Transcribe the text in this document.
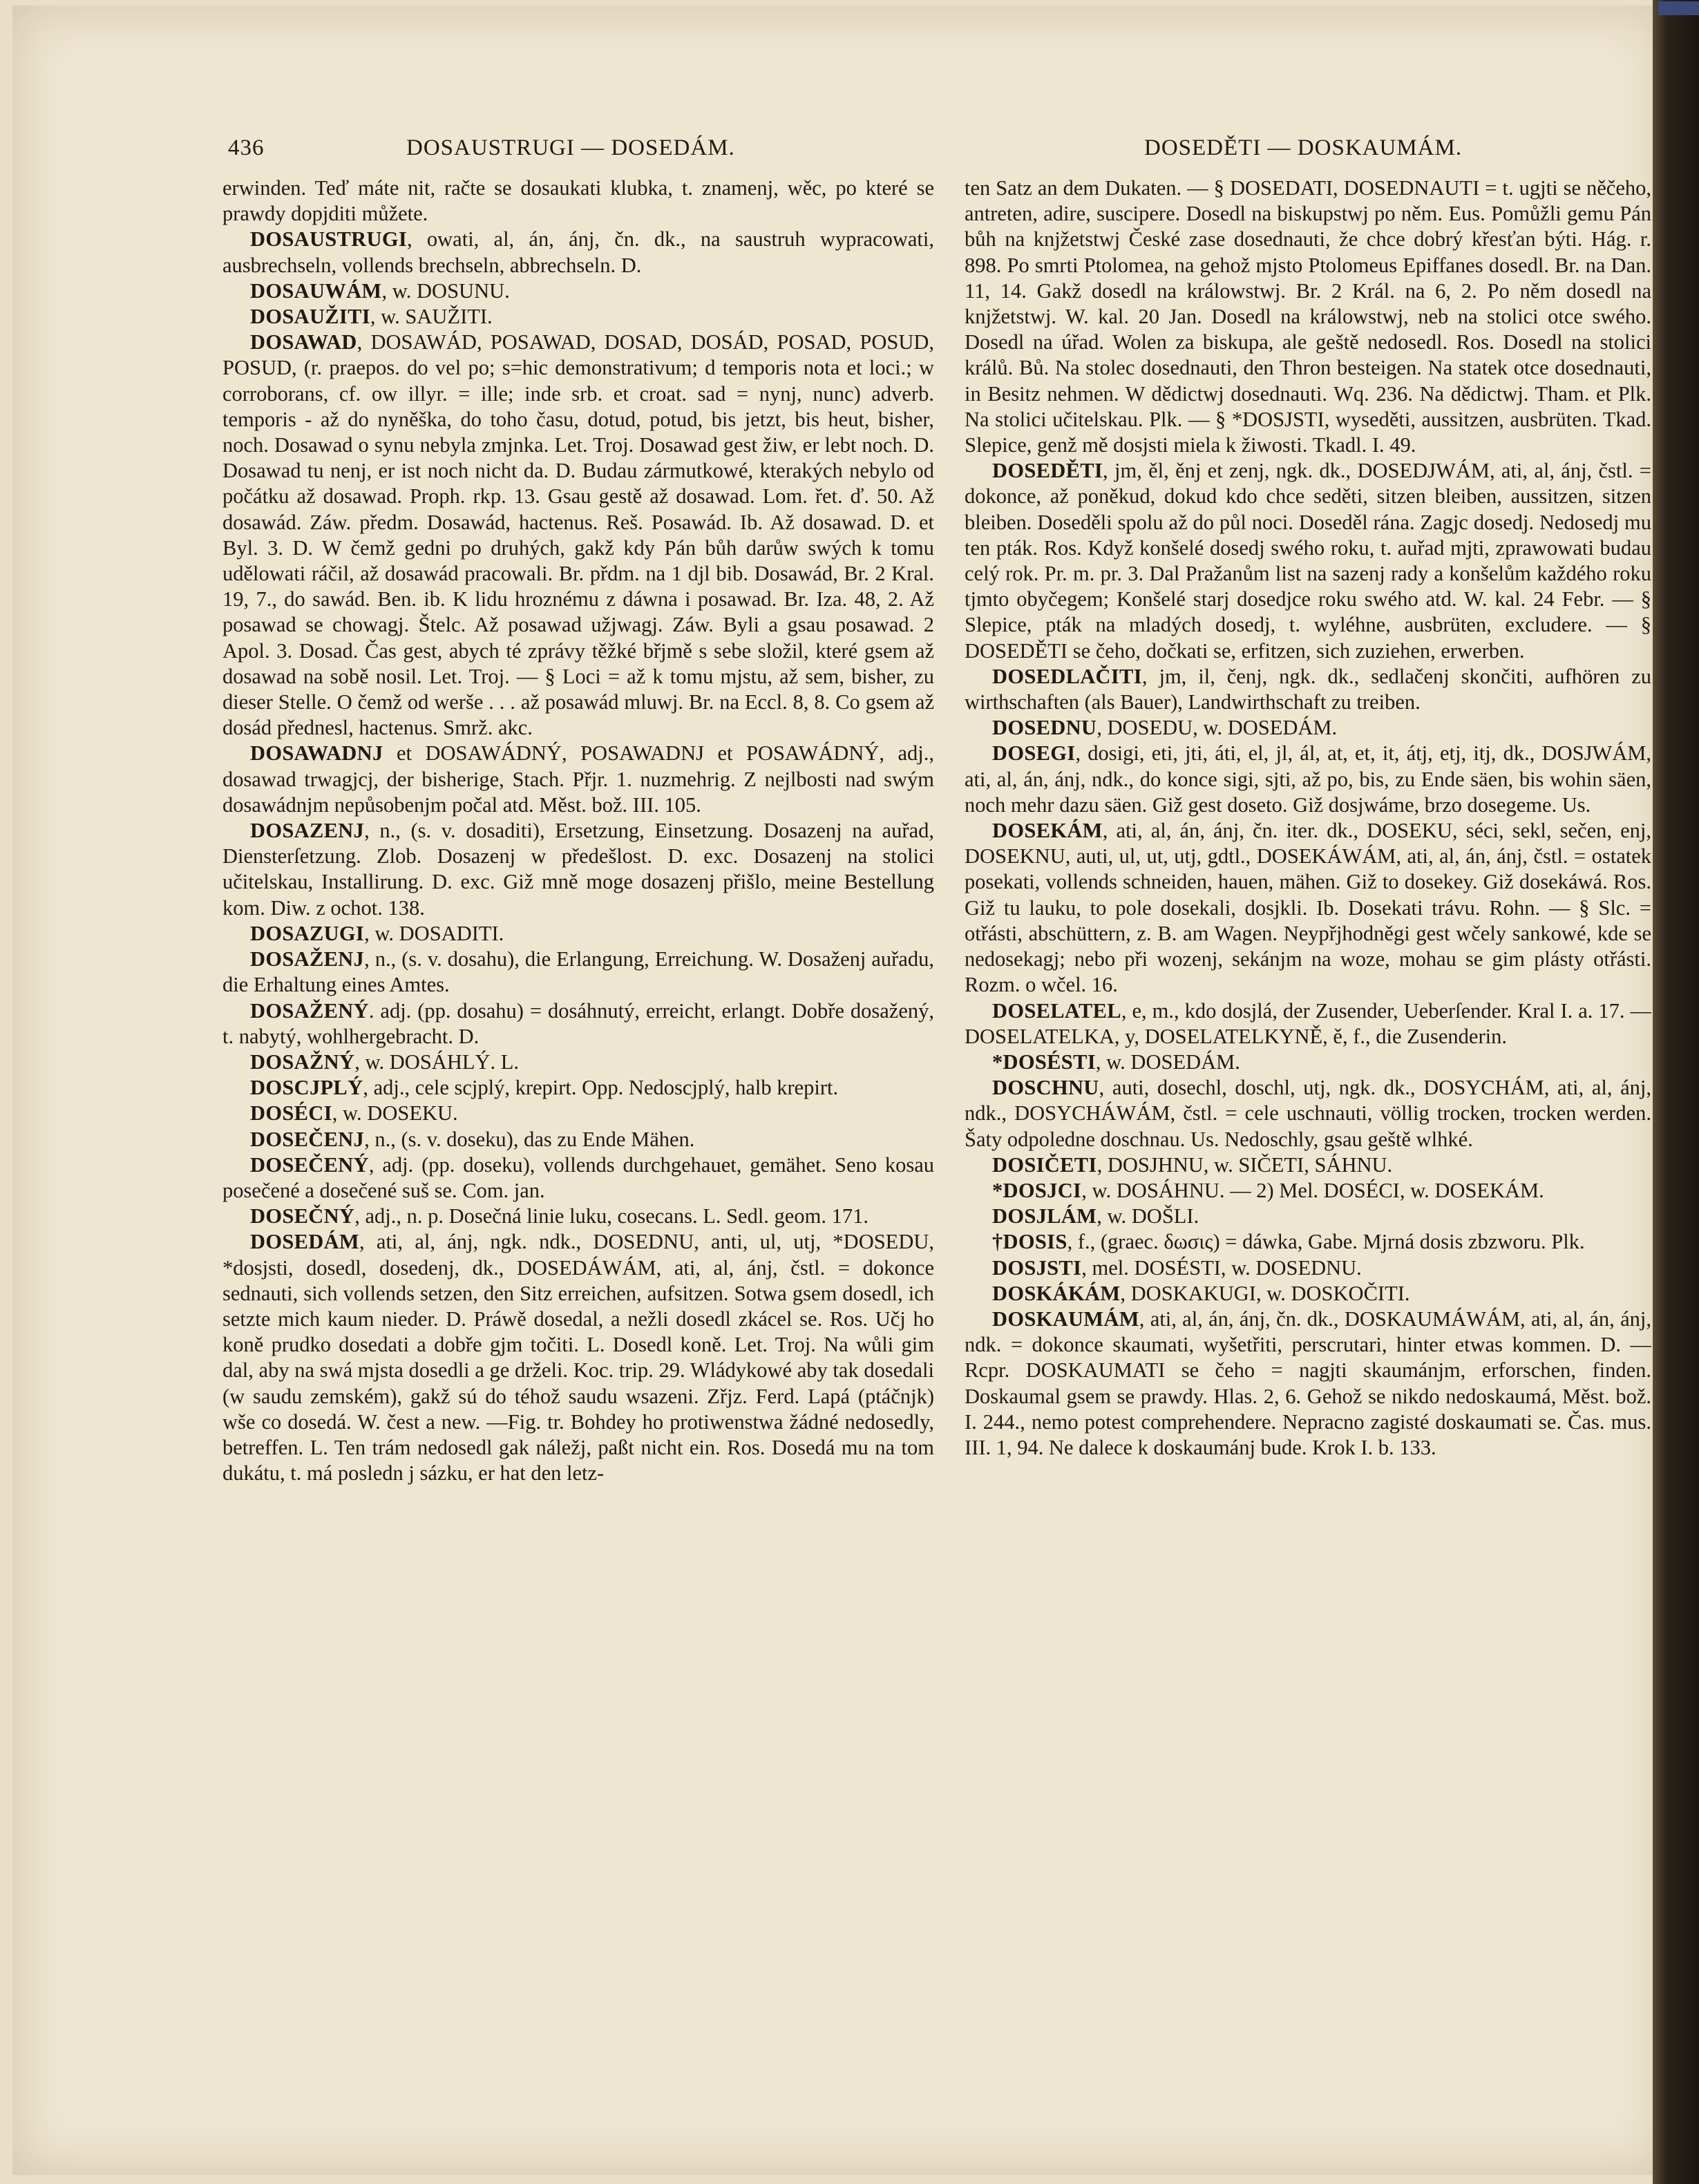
436	DOSAUSTRUGI — DOSEDÁM.	DOSEDĚTI — DOSKAUMÁM.

erwinden. Teď máte nit, račte se dosaukati klubka, t. znamenj, wěc, po které se prawdy dopjditi můžete.

DOSAUSTRUGI, owati, al, án, ánj, čn. dk., na saustruh wypracowati, ausbrechseln, vollends brechseln, abbrechseln. D.

DOSAUWÁM, w. DOSUNU.

DOSAUŽITI, w. SAUŽITI.

DOSAWAD, DOSAWÁD, POSAWAD, DOSAD, DOSÁD, POSAD, POSUD, POSUD, (r. praepos. do vel po; s=hic demonstrativum; d temporis nota et loci.; w corroborans, cf. ow illyr. = ille; inde srb. et croat. sad = nynj, nunc) adverb. temporis - až do nyněška, do toho času, dotud, potud, bis jetzt, bis heut, bisher, noch. Dosawad o synu nebyla zmjnka. Let. Troj. Dosawad gest žiw, er lebt noch. D. Dosawad tu nenj, er ist noch nicht da. D. Budau zármutkowé, kterakých nebylo od počátku až dosawad. Proph. rkp. 13. Gsau gestě až dosawad. Lom. řet. ď. 50. Až dosawád. Záw. předm. Dosawád, hactenus. Reš. Posawád. Ib. Až dosawad. D. et Byl. 3. D. W čemž gedni po druhých, gakž kdy Pán bůh darůw swých k tomu udělowati ráčil, až dosawád pracowali. Br. přdm. na 1 djl bib. Dosawád, Br. 2 Kral. 19, 7., do sawád. Ben. ib. K lidu hroznému z dáwna i posawad. Br. Iza. 48, 2. Až posawad se chowagj. Štelc. Až posawad užjwagj. Záw. Byli a gsau posawad. 2 Apol. 3. Dosad. Čas gest, abych té zprávy těžké břjmě s sebe složil, které gsem až dosawad na sobě nosil. Let. Troj. — § Loci = až k tomu mjstu, až sem, bisher, zu dieser Stelle. O čemž od werše . . . až posawád mluwj. Br. na Eccl. 8, 8. Co gsem až dosád přednesl, hactenus. Smrž. akc.

DOSAWADNJ et DOSAWÁDNÝ, POSAWADNJ et POSAWÁDNÝ, adj., dosawad trwagjcj, der bisherige, Stach. Přjr. 1. nuzmehrig. Z nejlbosti nad swým dosawádnjm nepůsobenjm počal atd. Měst. bož. III. 105.

DOSAZENJ, n., (s. v. dosaditi), Ersetzung, Einsetzung. Dosazenj na auřad, Diensterſetzung. Zlob. Dosazenj w předešlost. D. exc. Dosazenj na stolici učitelskau, Installirung. D. exc. Giž mně moge dosazenj přišlo, meine Bestellung kom. Diw. z ochot. 138.

DOSAZUGI, w. DOSADITI.

DOSAŽENJ, n., (s. v. dosahu), die Erlangung, Erreichung. W. Dosaženj auřadu, die Erhaltung eines Amtes.

DOSAŽENÝ. adj. (pp. dosahu) = dosáhnutý, erreicht, erlangt. Dobře dosažený, t. nabytý, wohlhergebracht. D.

DOSAŽNÝ, w. DOSÁHLÝ. L.

DOSCJPLÝ, adj., cele scjplý, krepirt. Opp. Nedoscjplý, halb krepirt.

DOSÉCI, w. DOSEKU.

DOSEČENJ, n., (s. v. doseku), das zu Ende Mähen.

DOSEČENÝ, adj. (pp. doseku), vollends durchgehauet, gemähet. Seno kosau posečené a dosečené suš se. Com. jan.

DOSEČNÝ, adj., n. p. Dosečná linie luku, cosecans. L. Sedl. geom. 171.

DOSEDÁM, ati, al, ánj, ngk. ndk., DOSEDNU, anti, ul, utj, *DOSEDU, *dosjsti, dosedl, dosedenj, dk., DOSEDÁWÁM, ati, al, ánj, čstl. = dokonce sednauti, sich vollends setzen, den Sitz erreichen, aufsitzen. Sotwa gsem dosedl, ich setzte mich kaum nieder. D. Práwě dosedal, a nežli dosedl zkácel se. Ros. Učj ho koně prudko dosedati a dobře gjm točiti. L. Dosedl koně. Let. Troj. Na wůli gim dal, aby na swá mjsta dosedli a ge drželi. Koc. trip. 29. Wládykowé aby tak dosedali (w saudu zemském), gakž sú do téhož saudu wsazeni. Zřjz. Ferd. Lapá (ptáčnjk) wše co dosedá. W. čest a new. —Fig. tr. Bohdey ho protiwenstwa žádné nedosedly, betreffen. L. Ten trám nedosedl gak náležj, paßt nicht ein. Ros. Dosedá mu na tom dukátu, t. má posledn j sázku, er hat den letz-

ten Satz an dem Dukaten. — § DOSEDATI, DOSEDNAUTI = t. ugjti se něčeho, antreten, adire, suscipere. Dosedl na biskupstwj po něm. Eus. Pomůžli gemu Pán bůh na knjžetstwj České zase dosednauti, že chce dobrý křesťan býti. Hág. r. 898. Po smrti Ptolomea, na gehož mjsto Ptolomeus Epiffanes dosedl. Br. na Dan. 11, 14. Gakž dosedl na králowstwj. Br. 2 Král. na 6, 2. Po něm dosedl na knjžetstwj. W. kal. 20 Jan. Dosedl na králowstwj, neb na stolici otce swého. Dosedl na úřad. Wolen za biskupa, ale geště nedosedl. Ros. Dosedl na stolici králů. Bů. Na stolec dosednauti, den Thron besteigen. Na statek otce dosednauti, in Besitz nehmen. W dědictwj dosednauti. Wq. 236. Na dědictwj. Tham. et Plk. Na stolici učitelskau. Plk. — § *DOSJSTI, wyseděti, aussitzen, ausbrüten. Tkad. Slepice, genž mě dosjsti miela k žiwosti. Tkadl. I. 49.

DOSEDĚTI, jm, ěl, ěnj et zenj, ngk. dk., DOSEDJWÁM, ati, al, ánj, čstl. = dokonce, až poněkud, dokud kdo chce seděti, sitzen bleiben, aussitzen, sitzen bleiben. Doseděli spolu až do půl noci. Doseděl rána. Zagjc dosedj. Nedosedj mu ten pták. Ros. Když konšelé dosedj swého roku, t. auřad mjti, zprawowati budau celý rok. Pr. m. pr. 3. Dal Pražanům list na sazenj rady a konšelům každého roku tjmto obyčegem; Konšelé starj dosedjce roku swého atd. W. kal. 24 Febr. — § Slepice, pták na mladých dosedj, t. wyléhne, ausbrüten, excludere. — § DOSEDĚTI se čeho, dočkati se, erfitzen, sich zuziehen, erwerben.

DOSEDLAČITI, jm, il, čenj, ngk. dk., sedlačenj skončiti, aufhören zu wirthschaften (als Bauer), Landwirthschaft zu treiben.

DOSEDNU, DOSEDU, w. DOSEDÁM.

DOSEGI, dosigi, eti, jti, áti, el, jl, ál, at, et, it, átj, etj, itj, dk., DOSJWÁM, ati, al, án, ánj, ndk., do konce sigi, sjti, až po, bis, zu Ende säen, bis wohin säen, noch mehr dazu säen. Giž gest doseto. Giž dosjwáme, brzo dosegeme. Us.

DOSEKÁM, ati, al, án, ánj, čn. iter. dk., DOSEKU, séci, sekl, sečen, enj, DOSEKNU, auti, ul, ut, utj, gdtl., DOSEKÁWÁM, ati, al, án, ánj, čstl. = ostatek posekati, vollends schneiden, hauen, mähen. Giž to dosekey. Giž dosekáwá. Ros. Giž tu lauku, to pole dosekali, dosjkli. Ib. Dosekati trávu. Rohn. — § Slc. = otřásti, abschüttern, z. B. am Wagen. Neypřjhodněgi gest wčely sankowé, kde se nedosekagj; nebo při wozenj, sekánjm na woze, mohau se gim plásty otřásti. Rozm. o wčel. 16.

DOSELATEL, e, m., kdo dosjlá, der Zusender, Ueberſender. Kral I. a. 17. — DOSELATELKA, y, DOSELATELKYNĚ, ě, f., die Zusenderin.

*DOSÉSTI, w. DOSEDÁM.

DOSCHNU, auti, dosechl, doschl, utj, ngk. dk., DOSYCHÁM, ati, al, ánj, ndk., DOSYCHÁWÁM, čstl. = cele uschnauti, völlig trocken, trocken werden. Šaty odpoledne doschnau. Us. Nedoschly, gsau geště wlhké.

DOSIČETI, DOSJHNU, w. SIČETI, SÁHNU.

*DOSJCI, w. DOSÁHNU. — 2) Mel. DOSÉCI, w. DOSEKÁM.

DOSJLÁM, w. DOŠLI.

†DOSIS, f., (graec. δωσις) = dáwka, Gabe. Mjrná dosis zbzworu. Plk.

DOSJSTI, mel. DOSÉSTI, w. DOSEDNU.

DOSKÁKÁM, DOSKAKUGI, w. DOSKOČITI.

DOSKAUMÁM, ati, al, án, ánj, čn. dk., DOSKAUMÁWÁM, ati, al, án, ánj, ndk. = dokonce skaumati, wyšetřiti, perscrutari, hinter etwas kommen. D. — Rcpr. DOSKAUMATI se čeho = nagjti skaumánjm, erforschen, finden. Doskaumal gsem se prawdy. Hlas. 2, 6. Gehož se nikdo nedoskaumá, Měst. bož. I. 244., nemo potest comprehendere. Nepracno zagisté doskaumati se. Čas. mus. III. 1, 94. Ne dalece k doskaumánj bude. Krok I. b. 133.
